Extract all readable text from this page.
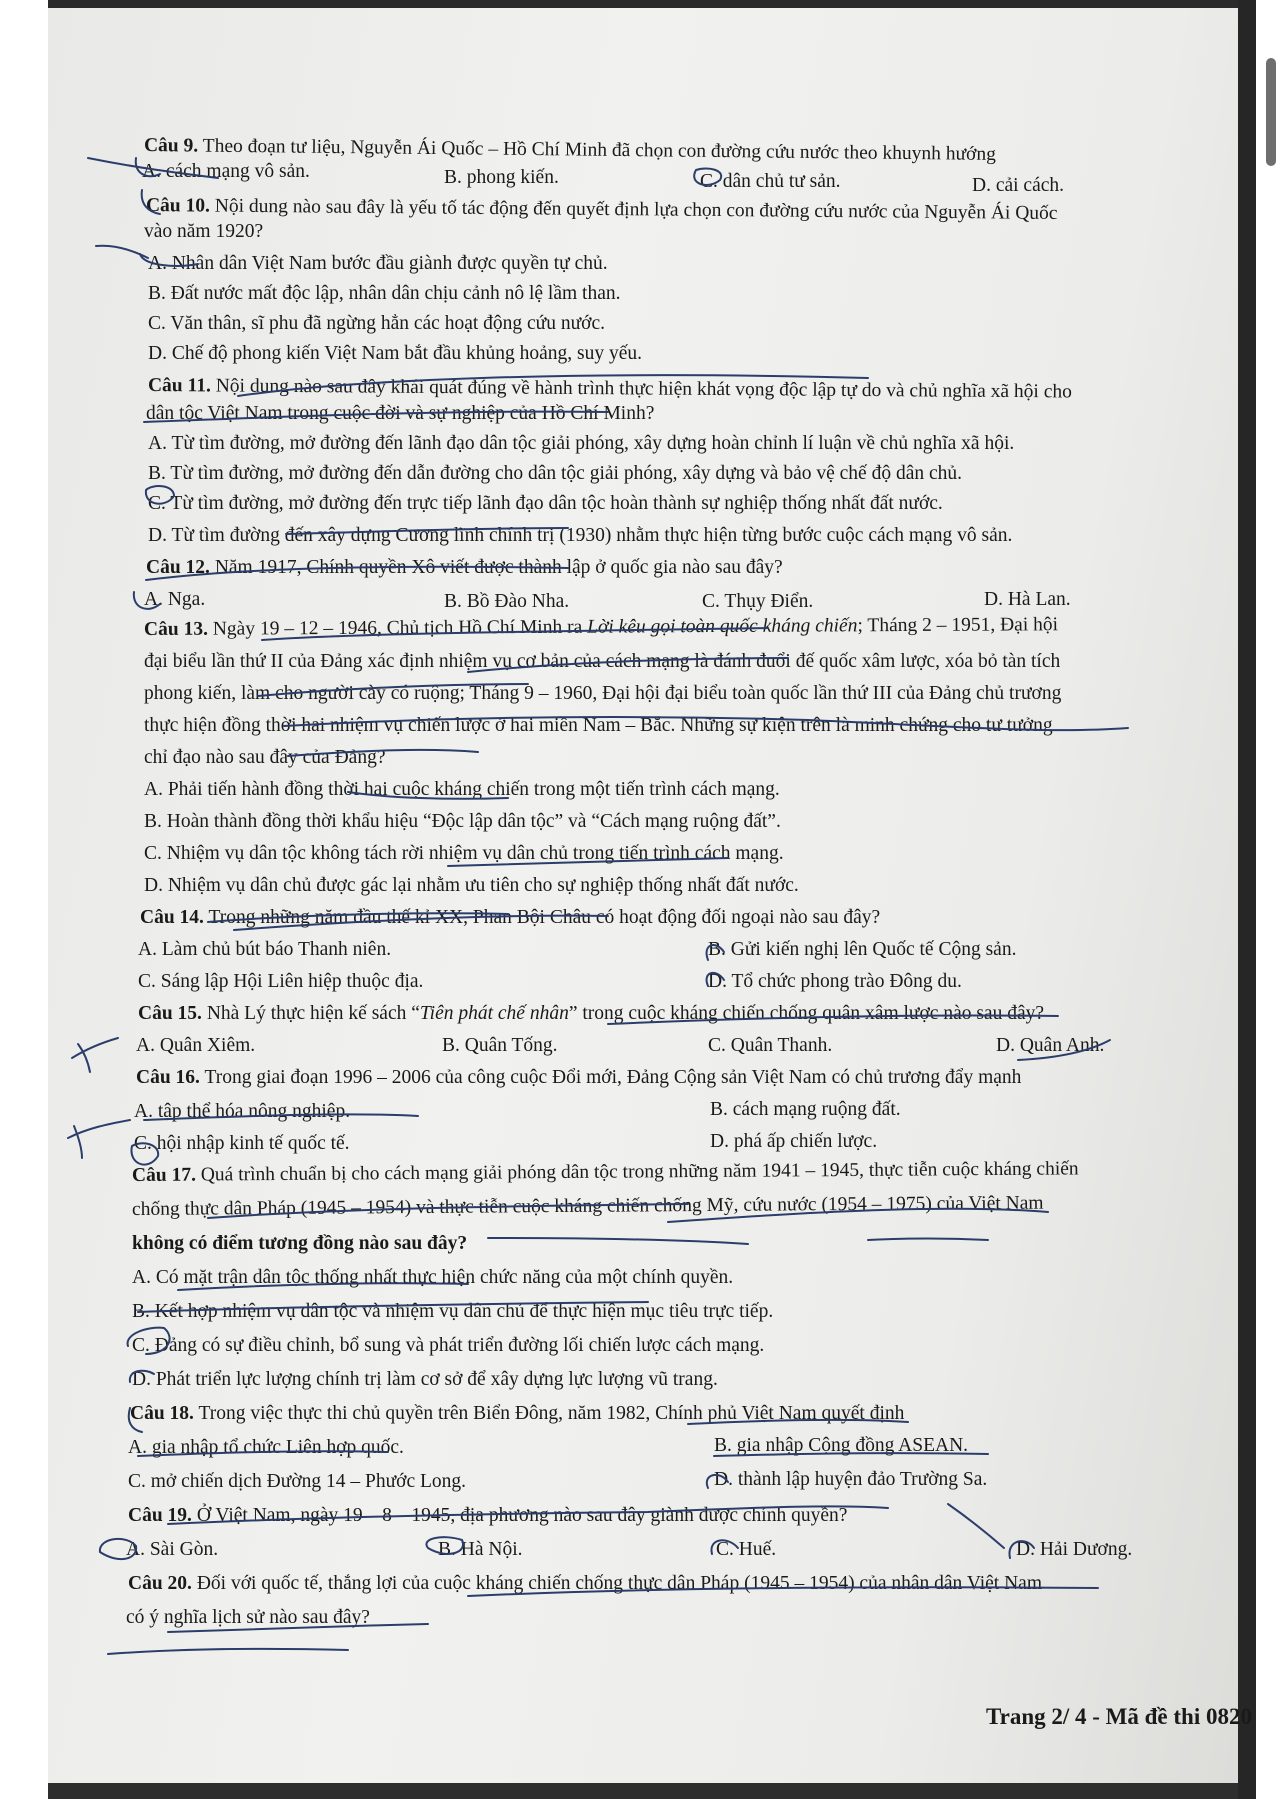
Câu 9. Theo đoạn tư liệu, Nguyễn Ái Quốc – Hồ Chí Minh đã chọn con đường cứu nước theo khuynh hướng
A. cách mạng vô sản.	B. phong kiến.	C. dân chủ tư sản.	D. cải cách.
Câu 10. Nội dung nào sau đây là yếu tố tác động đến quyết định lựa chọn con đường cứu nước của Nguyễn Ái Quốc
vào năm 1920?
A. Nhân dân Việt Nam bước đầu giành được quyền tự chủ.
B. Đất nước mất độc lập, nhân dân chịu cảnh nô lệ lầm than.
C. Văn thân, sĩ phu đã ngừng hẳn các hoạt động cứu nước.
D. Chế độ phong kiến Việt Nam bắt đầu khủng hoảng, suy yếu.
Câu 11. Nội dung nào sau đây khái quát đúng về hành trình thực hiện khát vọng độc lập tự do và chủ nghĩa xã hội cho
dân tộc Việt Nam trong cuộc đời và sự nghiệp của Hồ Chí Minh?
A. Từ tìm đường, mở đường đến lãnh đạo dân tộc giải phóng, xây dựng hoàn chỉnh lí luận về chủ nghĩa xã hội.
B. Từ tìm đường, mở đường đến dẫn đường cho dân tộc giải phóng, xây dựng và bảo vệ chế độ dân chủ.
C. Từ tìm đường, mở đường đến trực tiếp lãnh đạo dân tộc hoàn thành sự nghiệp thống nhất đất nước.
D. Từ tìm đường đến xây dựng Cương lĩnh chính trị (1930) nhằm thực hiện từng bước cuộc cách mạng vô sản.
Câu 12. Năm 1917, Chính quyền Xô viết được thành lập ở quốc gia nào sau đây?
A. Nga.	B. Bồ Đào Nha.	C. Thụy Điển.	D. Hà Lan.
Câu 13. Ngày 19 – 12 – 1946, Chủ tịch Hồ Chí Minh ra Lời kêu gọi toàn quốc kháng chiến; Tháng 2 – 1951, Đại hội
đại biểu lần thứ II của Đảng xác định nhiệm vụ cơ bản của cách mạng là đánh đuổi đế quốc xâm lược, xóa bỏ tàn tích
phong kiến, làm cho người cày có ruộng; Tháng 9 – 1960, Đại hội đại biểu toàn quốc lần thứ III của Đảng chủ trương
thực hiện đồng thời hai nhiệm vụ chiến lược ở hai miền Nam – Bắc. Những sự kiện trên là minh chứng cho tư tưởng
chỉ đạo nào sau đây của Đảng?
A. Phải tiến hành đồng thời hai cuộc kháng chiến trong một tiến trình cách mạng.
B. Hoàn thành đồng thời khẩu hiệu “Độc lập dân tộc” và “Cách mạng ruộng đất”.
C. Nhiệm vụ dân tộc không tách rời nhiệm vụ dân chủ trong tiến trình cách mạng.
D. Nhiệm vụ dân chủ được gác lại nhằm ưu tiên cho sự nghiệp thống nhất đất nước.
Câu 14. Trong những năm đầu thế kỉ XX, Phan Bội Châu có hoạt động đối ngoại nào sau đây?
A. Làm chủ bút báo Thanh niên.	B. Gửi kiến nghị lên Quốc tế Cộng sản.
C. Sáng lập Hội Liên hiệp thuộc địa.	D. Tổ chức phong trào Đông du.
Câu 15. Nhà Lý thực hiện kế sách “Tiên phát chế nhân” trong cuộc kháng chiến chống quân xâm lược nào sau đây?
A. Quân Xiêm.	B. Quân Tống.	C. Quân Thanh.	D. Quân Anh.
Câu 16. Trong giai đoạn 1996 – 2006 của công cuộc Đổi mới, Đảng Cộng sản Việt Nam có chủ trương đẩy mạnh
A. tập thể hóa nông nghiệp.	B. cách mạng ruộng đất.
C. hội nhập kinh tế quốc tế.	D. phá ấp chiến lược.
Câu 17. Quá trình chuẩn bị cho cách mạng giải phóng dân tộc trong những năm 1941 – 1945, thực tiễn cuộc kháng chiến
chống thực dân Pháp (1945 – 1954) và thực tiễn cuộc kháng chiến chống Mỹ, cứu nước (1954 – 1975) của Việt Nam
không có điểm tương đồng nào sau đây?
A. Có mặt trận dân tộc thống nhất thực hiện chức năng của một chính quyền.
B. Kết hợp nhiệm vụ dân tộc và nhiệm vụ dân chủ để thực hiện mục tiêu trực tiếp.
C. Đảng có sự điều chỉnh, bổ sung và phát triển đường lối chiến lược cách mạng.
D. Phát triển lực lượng chính trị làm cơ sở để xây dựng lực lượng vũ trang.
Câu 18. Trong việc thực thi chủ quyền trên Biển Đông, năm 1982, Chính phủ Việt Nam quyết định
A. gia nhập tổ chức Liên hợp quốc.	B. gia nhập Cộng đồng ASEAN.
C. mở chiến dịch Đường 14 – Phước Long.	D. thành lập huyện đảo Trường Sa.
Câu 19. Ở Việt Nam, ngày 19 – 8 – 1945, địa phương nào sau đây giành được chính quyền?
A. Sài Gòn.	B. Hà Nội.	C. Huế.	D. Hải Dương.
Câu 20. Đối với quốc tế, thắng lợi của cuộc kháng chiến chống thực dân Pháp (1945 – 1954) của nhân dân Việt Nam
có ý nghĩa lịch sử nào sau đây?
Trang 2/ 4 - Mã đề thi 0820
